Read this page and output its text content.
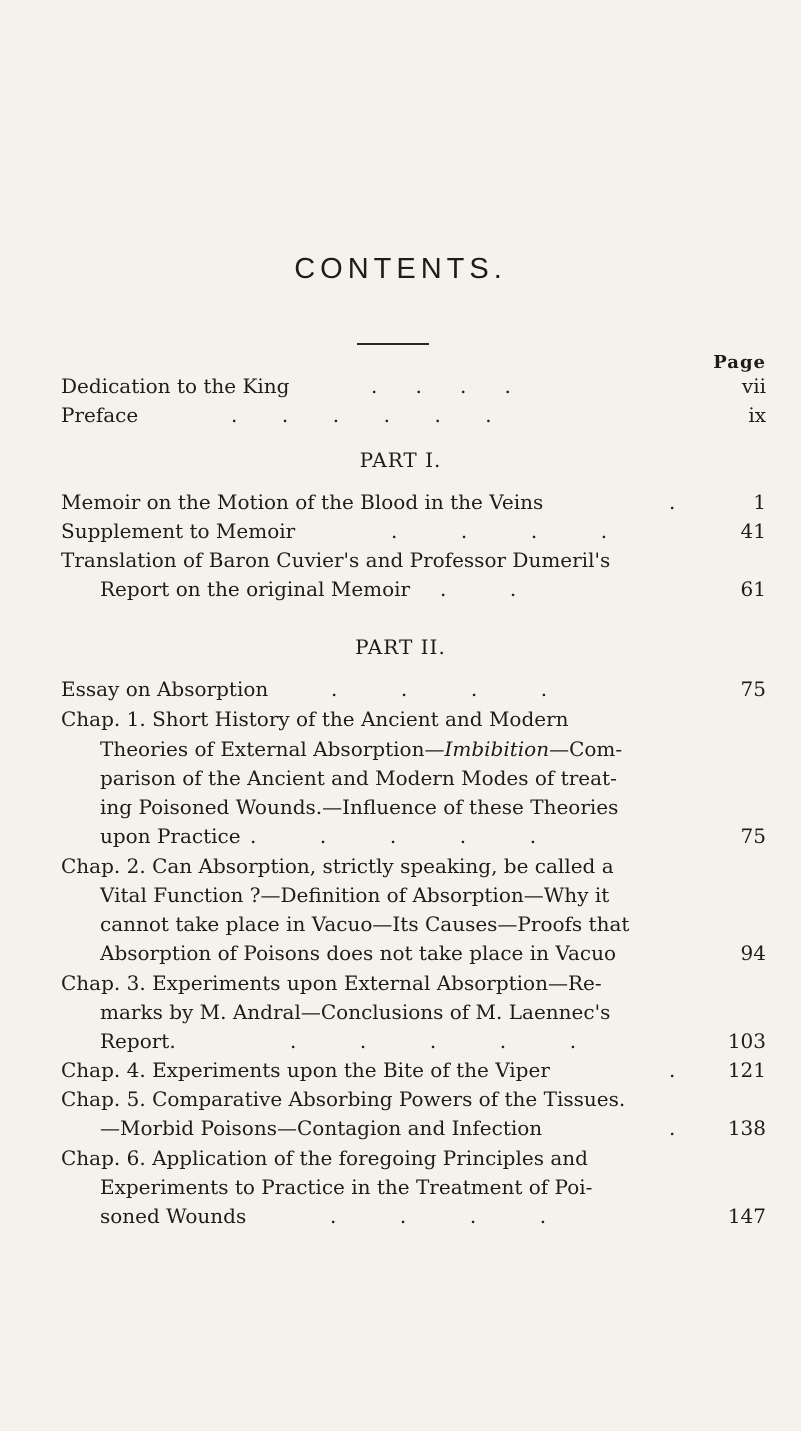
CONTENTS.
Page
Dedication to the King	.      .      .      .	vii
Preface	.       .       .       .       .       .	ix
PART I.
Memoir on the Motion of the Blood in the Veins	.	1
Supplement to Memoir	.          .          .          .	41
Translation of Baron Cuvier's and Professor Dumeril's
Report on the original Memoir .          .	61
PART II.
Essay on Absorption	.          .          .          .	75
Chap. 1. Short History of the Ancient and Modern
Theories of External Absorption—Imbibition—Com-
parison of the Ancient and Modern Modes of treat-
ing Poisoned Wounds.—Influence of these Theories
upon Practice .          .          .          .          .	75
Chap. 2. Can Absorption, strictly speaking, be called a
Vital Function ?—Definition of Absorption—Why it
cannot take place in Vacuo—Its Causes—Proofs that
Absorption of Poisons does not take place in Vacuo	94
Chap. 3. Experiments upon External Absorption—Re-
marks by M. Andral—Conclusions of M. Laennec's
Report.	.          .          .          .          .	103
Chap. 4. Experiments upon the Bite of the Viper	.	121
Chap. 5. Comparative Absorbing Powers of the Tissues.
—Morbid Poisons—Contagion and Infection	.	138
Chap. 6. Application of the foregoing Principles and
Experiments to Practice in the Treatment of Poi-
soned Wounds	.          .          .          .	147
